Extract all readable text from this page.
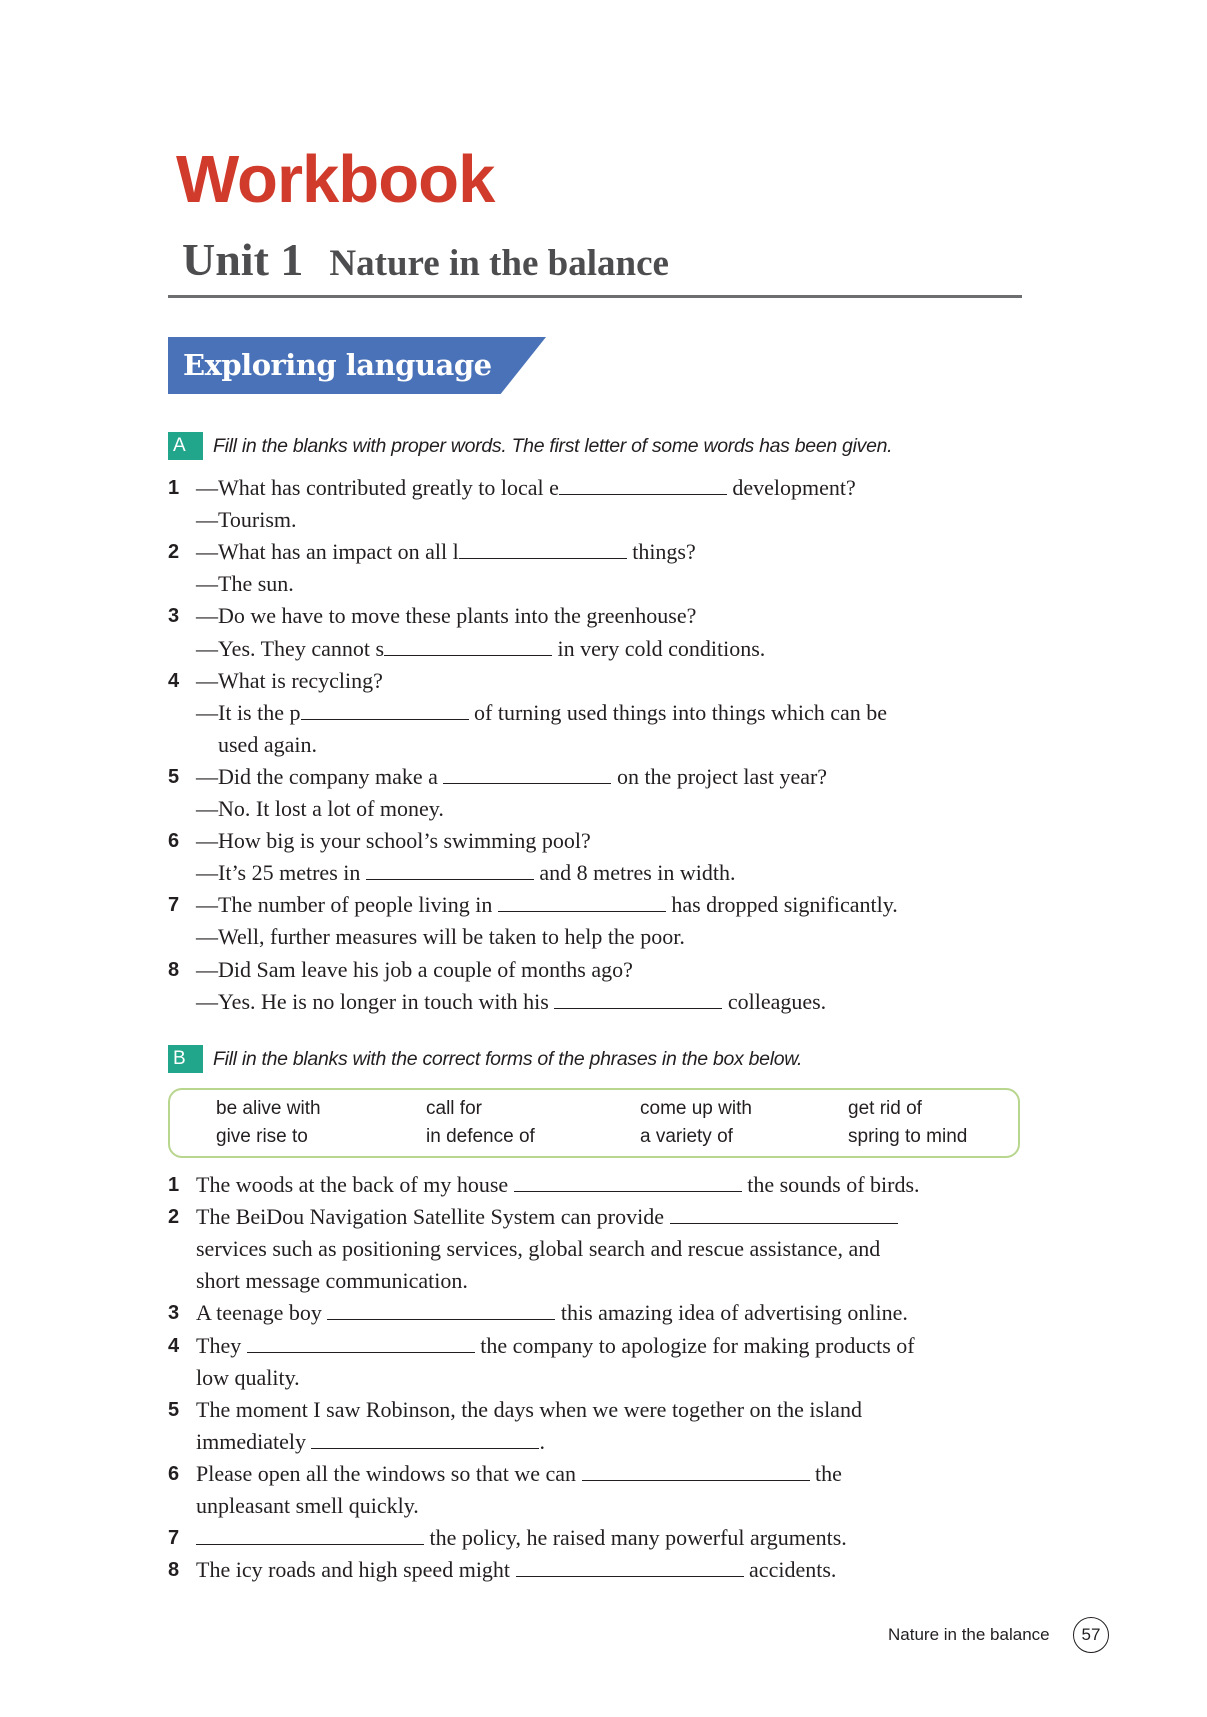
Workbook
Unit 1 Nature in the balance
Exploring language
A	Fill in the blanks with proper words. The first letter of some words has been given.
1 —What has contributed greatly to local e	development?
—Tourism.
2 —What has an impact on all l	things?
—The sun.
3 —Do we have to move these plants into the greenhouse?
—Yes. They cannot s	in very cold conditions.
4 —What is recycling?
—It is the p	of turning used things into things which can be
used again.
5 —Did the company make a	on the project last year?
—No. It lost a lot of money.
6 —How big is your school’s swimming pool?
—It’s 25 metres in	and 8 metres in width.
7 —The number of people living in	has dropped significantly.
—Well, further measures will be taken to help the poor.
8 —Did Sam leave his job a couple of months ago?
—Yes. He is no longer in touch with his	colleagues.
B	Fill in the blanks with the correct forms of the phrases in the box below.
be alive with	call for	come up with	get rid of
give rise to	in defence of	a variety of	spring to mind
1 The woods at the back of my house	the sounds of birds.
2 The BeiDou Navigation Satellite System can provide
services such as positioning services, global search and rescue assistance, and
short message communication.
3 A teenage boy	this amazing idea of advertising online.
4 They	the company to apologize for making products of
low quality.
5 The moment I saw Robinson, the days when we were together on the island
immediately	.
6 Please open all the windows so that we can	the
unpleasant smell quickly.
7	the policy, he raised many powerful arguments.
8 The icy roads and high speed might	accidents.
Nature in the balance	57
